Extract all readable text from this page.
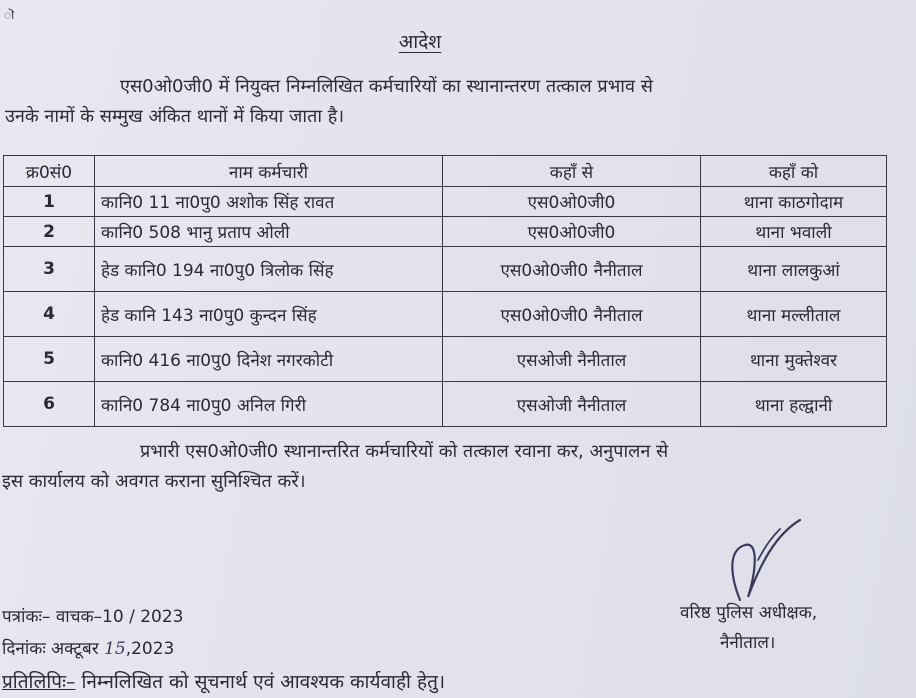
ॊ
आदेश
एस0ओ0जी0 में नियुक्त निम्नलिखित कर्मचारियों का स्थानान्तरण तत्काल प्रभाव से
उनके नामों के सम्मुख अंकित थानों में किया जाता है।
क्र0सं0	नाम कर्मचारी	कहाँ से	कहाँ को
1	कानि0 11 ना0पु0 अशोक सिंह रावत	एस0ओ0जी0	थाना काठगोदाम
2	कानि0 508 भानु प्रताप ओली	एस0ओ0जी0	थाना भवाली
3	हेड कानि0 194 ना0पु0 त्रिलोक सिंह	एस0ओ0जी0 नैनीताल	थाना लालकुआं
4	हेड कानि 143 ना0पु0 कुन्दन सिंह	एस0ओ0जी0 नैनीताल	थाना मल्लीताल
5	कानि0 416 ना0पु0 दिनेश नगरकोटी	एसओजी नैनीताल	थाना मुक्तेश्वर
6	कानि0 784 ना0पु0 अनिल गिरी	एसओजी नैनीताल	थाना हल्द्वानी
प्रभारी एस0ओ0जी0 स्थानान्तरित कर्मचारियों को तत्काल रवाना कर, अनुपालन से
इस कार्यालय को अवगत कराना सुनिश्चित करें।
वरिष्ठ पुलिस अधीक्षक,
नैनीताल।
पत्रांकः– वाचक–10 / 2023
दिनांकः अक्टूबर 15,2023
प्रतिलिपिः– निम्नलिखित को सूचनार्थ एवं आवश्यक कार्यवाही हेतु।
